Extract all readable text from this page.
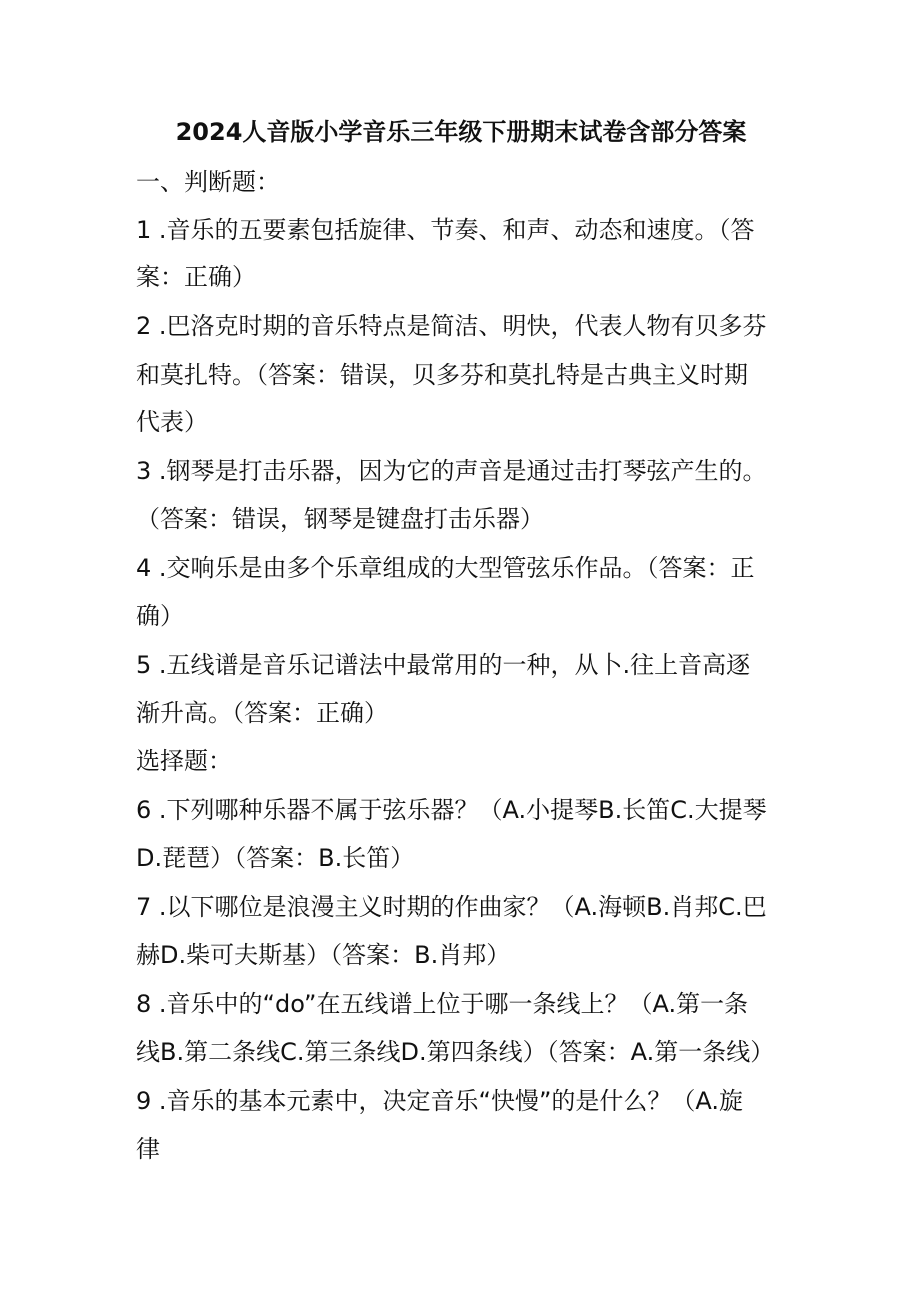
2024人音版小学音乐三年级下册期末试卷含部分答案
一、判断题：
1 .音乐的五要素包括旋律、节奏、和声、动态和速度。（答
案：正确）
2 .巴洛克时期的音乐特点是简洁、明快，代表人物有贝多芬
和莫扎特。（答案：错误，贝多芬和莫扎特是古典主义时期
代表）
3 .钢琴是打击乐器，因为它的声音是通过击打琴弦产生的。
（答案：错误，钢琴是键盘打击乐器）
4 .交响乐是由多个乐章组成的大型管弦乐作品。（答案：正
确）
5 .五线谱是音乐记谱法中最常用的一种，从卜.往上音高逐
渐升高。（答案：正确）
选择题：
6 .下列哪种乐器不属于弦乐器？（A.小提琴B.长笛C.大提琴
D.琵琶）（答案：B.长笛）
7 .以下哪位是浪漫主义时期的作曲家？（A.海顿B.肖邦C.巴
赫D.柴可夫斯基）（答案：B.肖邦）
8 .音乐中的“do”在五线谱上位于哪一条线上？（A.第一条
线B.第二条线C.第三条线D.第四条线）（答案：A.第一条线）
9 .音乐的基本元素中，决定音乐“快慢”的是什么？（A.旋
律
